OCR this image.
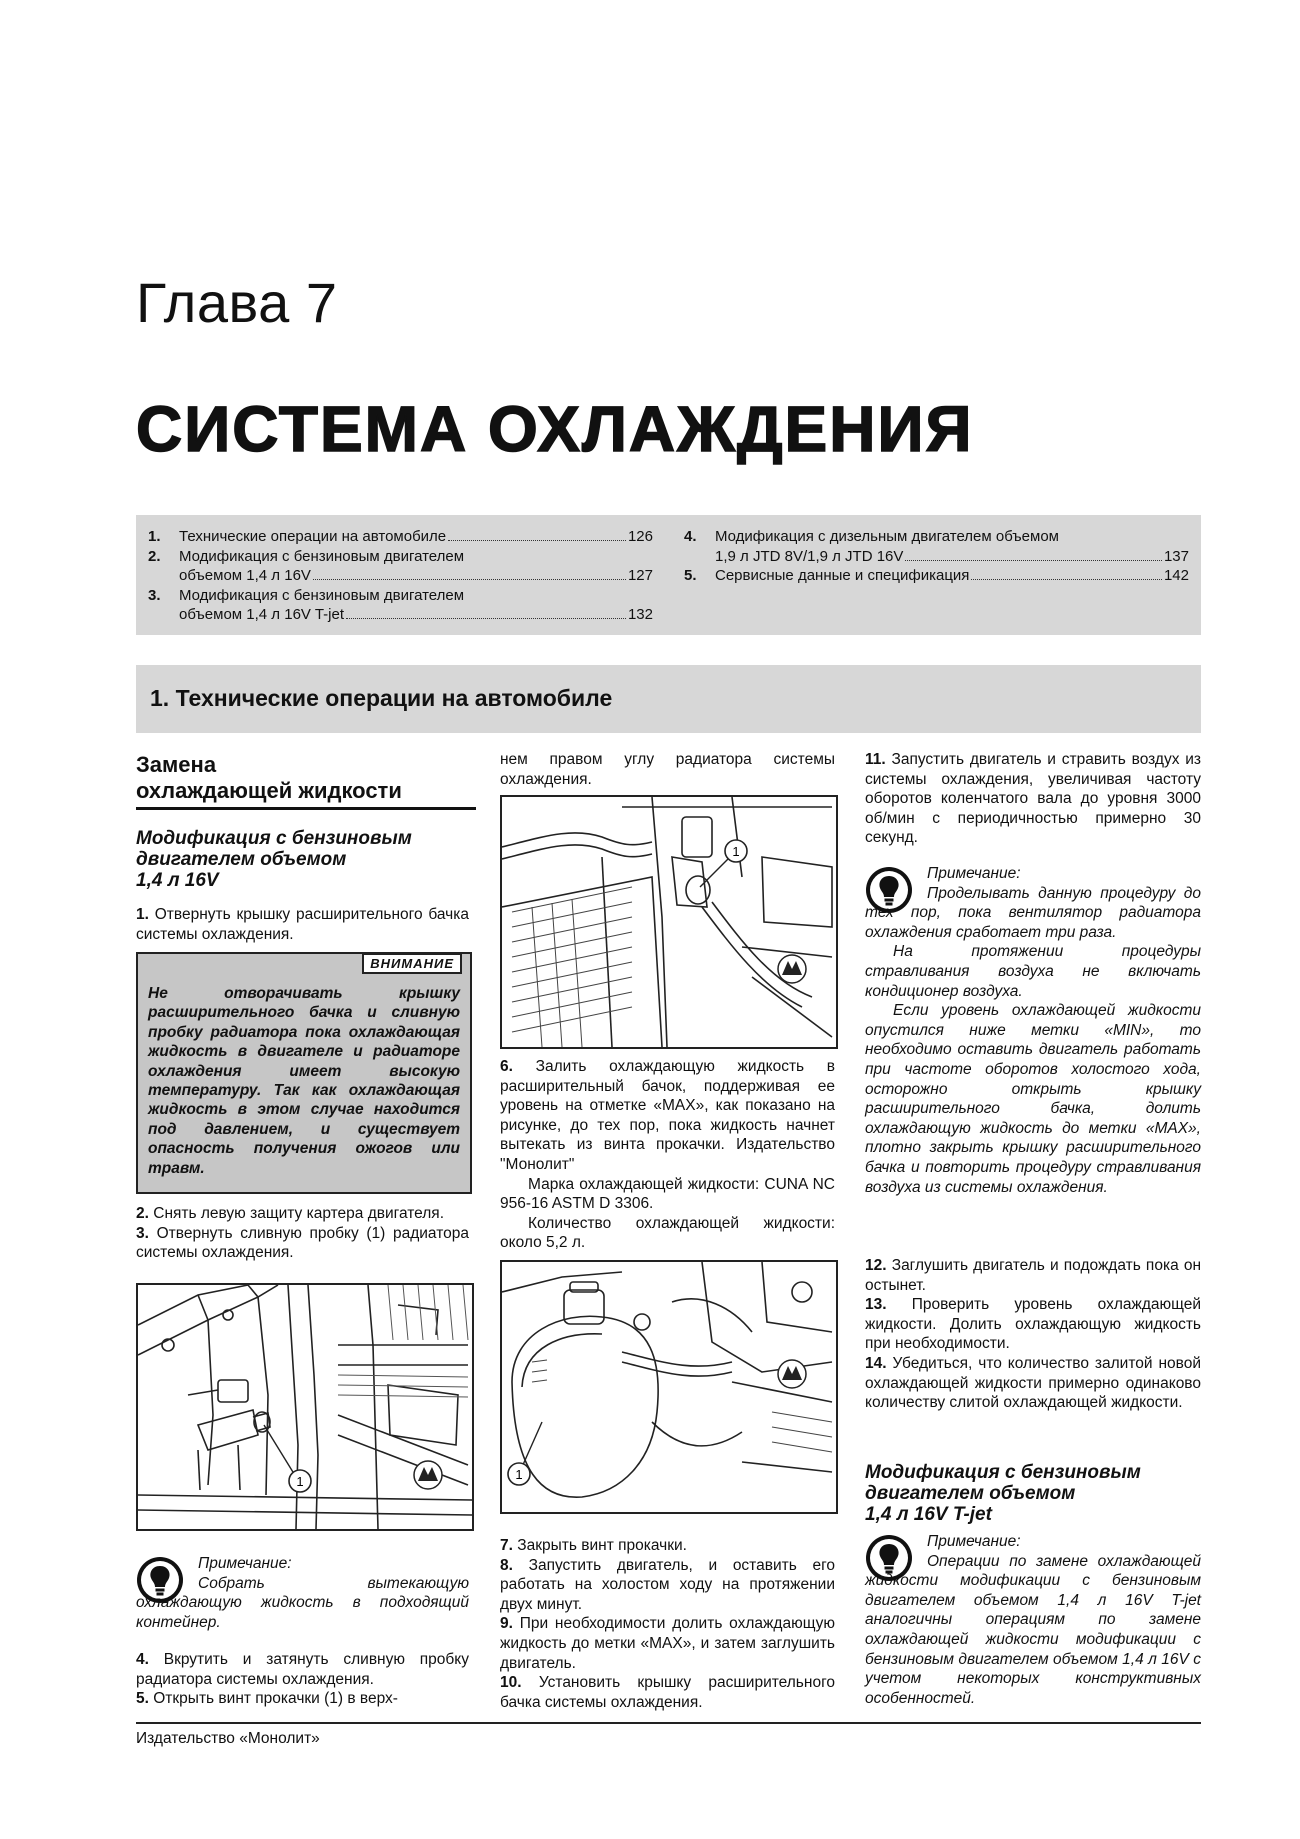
Глава 7
СИСТЕМА ОХЛАЖДЕНИЯ
1.	Технические операции на автомобиле	126
2.	Модификация с бензиновым двигателем
объемом 1,4 л 16V	127
3.	Модификация с бензиновым двигателем
объемом 1,4 л 16V T-jet	132
4.	Модификация с дизельным двигателем объемом
1,9 л JTD 8V/1,9 л JTD 16V	137
5.	Сервисные данные и спецификация	142
1. Технические операции на автомобиле
Замена
охлаждающей жидкости
Модификация с бензиновым
двигателем объемом
1,4 л 16V

1. Отвернуть крышку расширительного бачка системы охлаждения.

ВНИМАНИЕ
Не отворачивать крышку расширительного бачка и сливную пробку радиатора пока охлаждающая жидкость в двигателе и радиаторе охлаждения имеет высокую температуру. Так как охлаждающая жидкость в этом случае находится под давлением, и существует опасность получения ожогов или травм.

2. Снять левую защиту картера двигателя.

3. Отвернуть сливную пробку (1) радиатора системы охлаждения.

1

Примечание:

Собрать вытекающую охлаждающую жидкость в подходящий контейнер.

4. Вкрутить и затянуть сливную пробку радиатора системы охлаждения.

5. Открыть винт прокачки (1) в верх-

нем правом углу радиатора системы охлаждения.

1

6. Залить охлаждающую жидкость в расширительный бачок, поддерживая ее уровень на отметке «MAX», как показано на рисунке, до тех пор, пока жидкость начнет вытекать из винта прокачки. Издательство "Монолит"

Марка охлаждающей жидкости: CUNA NC 956-16 ASTM D 3306.

Количество охлаждающей жидкости: около 5,2 л.

1

7. Закрыть винт прокачки.

8. Запустить двигатель, и оставить его работать на холостом ходу на протяжении двух минут.

9. При необходимости долить охлаждающую жидкость до метки «MAX», и затем заглушить двигатель.

10. Установить крышку расширительного бачка системы охлаждения.

11. Запустить двигатель и стравить воздух из системы охлаждения, увеличивая частоту оборотов коленчатого вала до уровня 3000 об/мин с периодичностью примерно 30 секунд.

Примечание:

Проделывать данную процедуру до тех пор, пока вентилятор радиатора охлаждения сработает три раза.

На протяжении процедуры стравливания воздуха не включать кондиционер воздуха.

Если уровень охлаждающей жидкости опустился ниже метки «MIN», то необходимо оставить двигатель работать при частоте оборотов холостого хода, осторожно открыть крышку расширительного бачка, долить охлаждающую жидкость до метки «MAX», плотно закрыть крышку расширительного бачка и повторить процедуру стравливания воздуха из системы охлаждения.

12. Заглушить двигатель и подождать пока он остынет.

13. Проверить уровень охлаждающей жидкости. Долить охлаждающую жидкость при необходимости.

14. Убедиться, что количество залитой новой охлаждающей жидкости примерно одинаково количеству слитой охлаждающей жидкости.

Модификация с бензиновым
двигателем объемом
1,4 л 16V T-jet

Примечание:

Операции по замене охлаждающей жидкости модификации с бензиновым двигателем объемом 1,4 л 16V T-jet аналогичны операциям по замене охлаждающей жидкости модификации с бензиновым двигателем объемом 1,4 л 16V с учетом некоторых конструктивных особенностей.

Издательство «Монолит»
